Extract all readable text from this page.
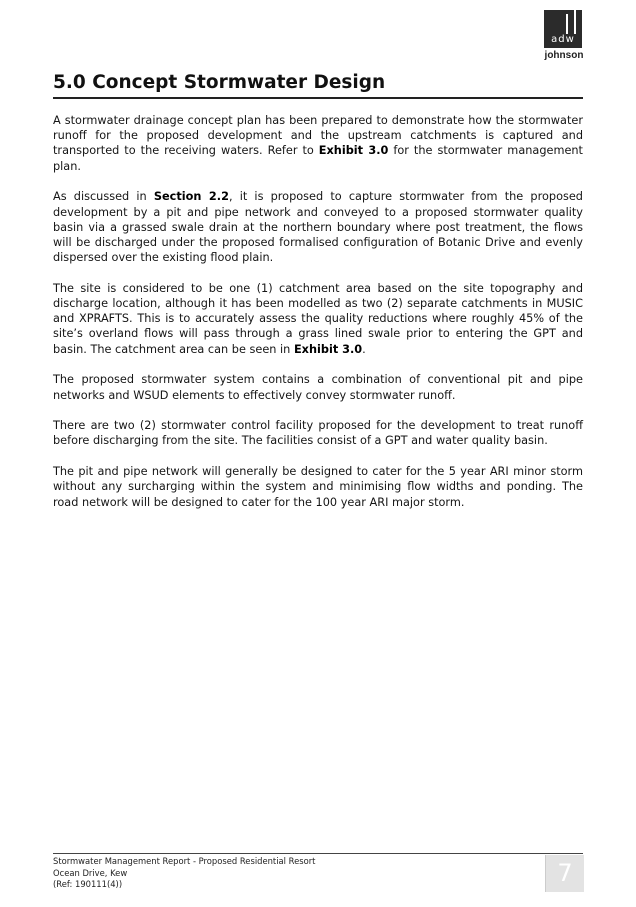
adw
johnson
5.0 Concept Stormwater Design

A stormwater drainage concept plan has been prepared to demonstrate how the stormwater runoff for the proposed development and the upstream catchments is captured and transported to the receiving waters. Refer to Exhibit 3.0 for the stormwater management plan.

As discussed in Section 2.2, it is proposed to capture stormwater from the proposed development by a pit and pipe network and conveyed to a proposed stormwater quality basin via a grassed swale drain at the northern boundary where post treatment, the flows will be discharged under the proposed formalised configuration of Botanic Drive and evenly dispersed over the existing flood plain.

The site is considered to be one (1) catchment area based on the site topography and discharge location, although it has been modelled as two (2) separate catchments in MUSIC and XPRAFTS. This is to accurately assess the quality reductions where roughly 45% of the site’s overland flows will pass through a grass lined swale prior to entering the GPT and basin. The catchment area can be seen in Exhibit 3.0.

The proposed stormwater system contains a combination of conventional pit and pipe networks and WSUD elements to effectively convey stormwater runoff.

There are two (2) stormwater control facility proposed for the development to treat runoff before discharging from the site. The facilities consist of a GPT and water quality basin.

The pit and pipe network will generally be designed to cater for the 5 year ARI minor storm without any surcharging within the system and minimising flow widths and ponding. The road network will be designed to cater for the 100 year ARI major storm.

Stormwater Management Report - Proposed Residential Resort
Ocean Drive, Kew
(Ref: 190111(4))	7
